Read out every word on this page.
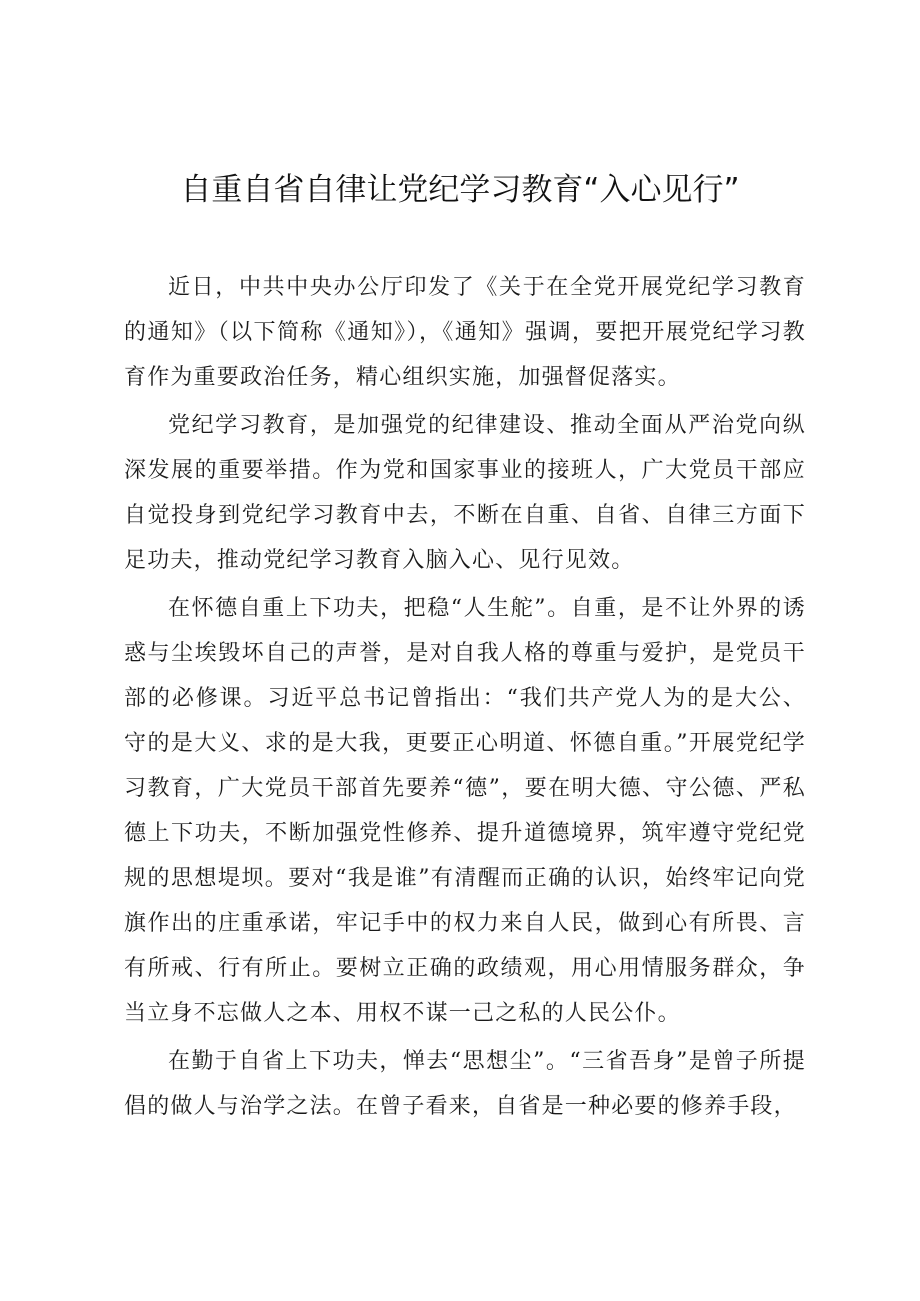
自重自省自律让党纪学习教育“入心见行”

近日，中共中央办公厅印发了《关于在全党开展党纪学习教育的通知》（以下简称《通知》），《通知》强调，要把开展党纪学习教育作为重要政治任务，精心组织实施，加强督促落实。

党纪学习教育，是加强党的纪律建设、推动全面从严治党向纵深发展的重要举措。作为党和国家事业的接班人，广大党员干部应自觉投身到党纪学习教育中去，不断在自重、自省、自律三方面下足功夫，推动党纪学习教育入脑入心、见行见效。

在怀德自重上下功夫，把稳“人生舵”。自重，是不让外界的诱惑与尘埃毁坏自己的声誉，是对自我人格的尊重与爱护，是党员干部的必修课。习近平总书记曾指出：“我们共产党人为的是大公、守的是大义、求的是大我，更要正心明道、怀德自重。”开展党纪学习教育，广大党员干部首先要养“德”，要在明大德、守公德、严私德上下功夫，不断加强党性修养、提升道德境界，筑牢遵守党纪党规的思想堤坝。要对“我是谁”有清醒而正确的认识，始终牢记向党旗作出的庄重承诺，牢记手中的权力来自人民，做到心有所畏、言有所戒、行有所止。要树立正确的政绩观，用心用情服务群众，争当立身不忘做人之本、用权不谋一己之私的人民公仆。

在勤于自省上下功夫，惮去“思想尘”。“三省吾身”是曾子所提倡的做人与治学之法。在曾子看来，自省是一种必要的修养手段，
